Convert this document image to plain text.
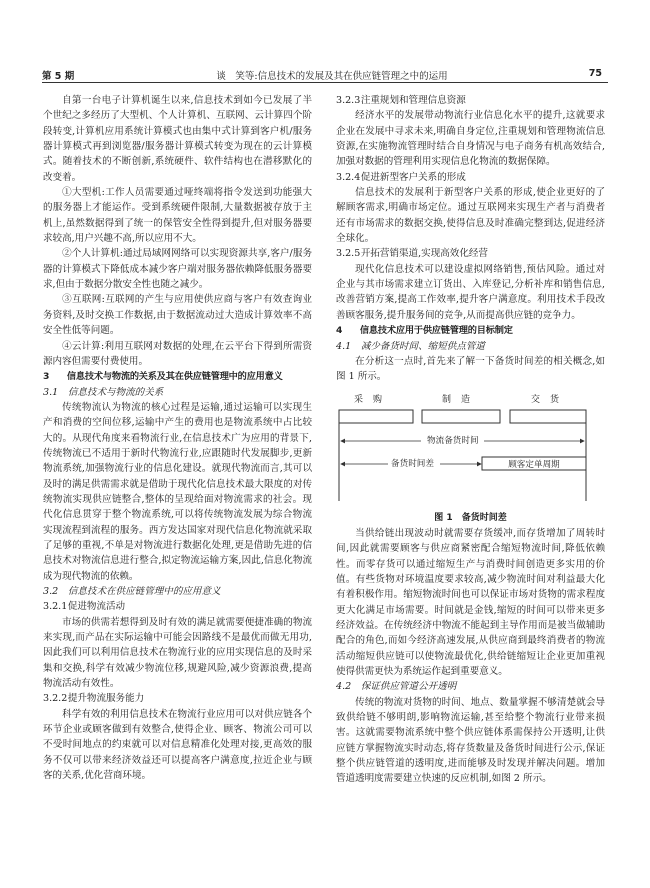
第 5 期	谈　笑等:信息技术的发展及其在供应链管理之中的运用	75

自第一台电子计算机诞生以来,信息技术到如今已发展了半个世纪之多经历了大型机、个人计算机、互联网、云计算四个阶段转变,计算机应用系统计算模式也由集中式计算到客户机/服务器计算模式再到浏览器/服务器计算模式转变为现在的云计算模式。随着技术的不断创新,系统硬件、软件结构也在潜移默化的改变着。

①大型机:工作人员需要通过哑终端将指令发送到功能强大的服务器上才能运作。受到系统硬件限制,大量数据被存放于主机上,虽然数据得到了统一的保管安全性得到提升,但对服务器要求较高,用户兴趣不高,所以应用不大。

②个人计算机:通过局域网网络可以实现资源共享,客户/服务器的计算模式下降低成本减少客户端对服务器依赖降低服务器要求,但由于数据分散安全性也随之减少。

③互联网:互联网的产生与应用使供应商与客户有效查询业务资料,及时交换工作数据,由于数据流动过大造成计算效率不高安全性低等问题。

④云计算:利用互联网对数据的处理,在云平台下得到所需资源内容但需要付费使用。

3 信息技术与物流的关系及其在供应链管理中的应用意义

3.1 信息技术与物流的关系

传统物流认为物流的核心过程是运输,通过运输可以实现生产和消费的空间位移,运输中产生的费用也是物流系统中占比较大的。从现代角度来看物流行业,在信息技术广为应用的背景下,传统物流已不适用于新时代物流行业,应跟随时代发展脚步,更新物流系统,加强物流行业的信息化建设。就现代物流而言,其可以及时的满足供需需求就是借助于现代化信息技术最大限度的对传统物流实现供应链整合,整体的呈现给面对物流需求的社会。现代化信息贯穿于整个物流系统,可以将传统物流发展为综合物流实现流程到流程的服务。西方发达国家对现代信息化物流就采取了足够的重视,不单是对物流进行数据化处理,更是借助先进的信息技术对物流信息进行整合,拟定物流运输方案,因此,信息化物流成为现代物流的依赖。

3.2 信息技术在供应链管理中的应用意义

3.2.1促进物流活动

市场的供需若想得到及时有效的满足就需要便捷准确的物流来实现,而产品在实际运输中可能会因路线不是最优而做无用功,因此我们可以利用信息技术在物流行业的应用实现信息的及时采集和交换,科学有效减少物流位移,规避风险,减少资源浪费,提高物流活动有效性。

3.2.2提升物流服务能力

科学有效的利用信息技术在物流行业应用可以对供应链各个环节企业或顾客做到有效整合,使得企业、顾客、物流公司可以不受时间地点的约束就可以对信息精准化处理对接,更高效的服务不仅可以带来经济效益还可以提高客户满意度,拉近企业与顾客的关系,优化营商环境。

3.2.3注重规划和管理信息资源

经济水平的发展带动物流行业信息化水平的提升,这就要求企业在发展中寻求未来,明确自身定位,注重规划和管理物流信息资源,在实施物流管理时结合自身情况与电子商务有机高效结合,加强对数据的管理利用实现信息化物流的数据保障。

3.2.4促进新型客户关系的形成

信息技术的发展利于新型客户关系的形成,使企业更好的了解顾客需求,明确市场定位。通过互联网来实现生产者与消费者还有市场需求的数据交换,使得信息及时准确完整到达,促进经济全球化。

3.2.5开拓营销渠道,实现高效化经营

现代化信息技术可以建设虚拟网络销售,预估风险。通过对企业与其市场需求建立订货出、入库登记,分析补库和销售信息,改善营销方案,提高工作效率,提升客户满意度。利用技术手段改善顾客服务,提升服务间的竞争,从而提高供应链的竞争力。

4 信息技术应用于供应链管理的目标制定

4.1 减少备货时间、缩短供点管道

在分析这一点时,首先来了解一下备货时间差的相关概念,如图 1 所示。

采购	制造	交货
物流备货时间
备货时间差	顾客定单周期

图 1　备货时间差

当供给链出现波动时就需要存货缓冲,而存货增加了周转时间,因此就需要顾客与供应商紧密配合缩短物流时间,降低依赖性。而零存货可以通过缩短生产与消费时间创造更多实用的价值。有些货物对环境温度要求较高,减少物流时间对利益最大化有着积极作用。缩短物流时间也可以保证市场对货物的需求程度更大化满足市场需要。时间就是金钱,缩短的时间可以带来更多经济效益。在传统经济中物流不能起到主导作用而是被当做辅助配合的角色,而如今经济高速发展,从供应商到最终消费者的物流活动缩短供应链可以使物流最优化,供给链缩短让企业更加重视使得供需更快为系统运作起到重要意义。

4.2 保证供应管道公开透明

传统的物流对货物的时间、地点、数量掌握不够清楚就会导致供给链不够明朗,影响物流运输,甚至给整个物流行业带来损害。这就需要物流系统中整个供应链体系需保持公开透明,让供应链方掌握物流实时动态,将存货数量及备货时间进行公示,保证整个供应链管道的透明度,进而能够及时发现并解决问题。增加管道透明度需要建立快速的反应机制,如图 2 所示。
